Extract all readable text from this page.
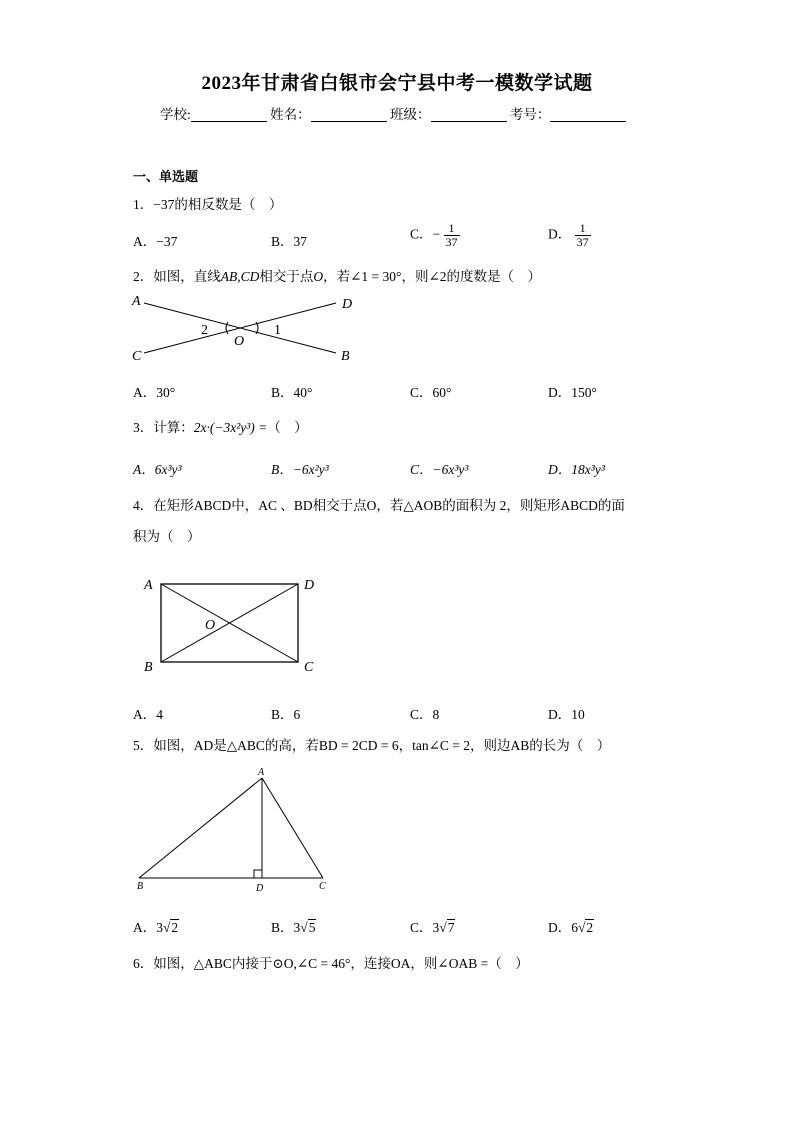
2023年甘肃省白银市会宁县中考一模数学试题
学校:	姓名：	班级：	考号：
一、单选题
1．−37的相反数是（　）
A．−37	B．37	C．− $\frac{1}{37}$	D． $\frac{1}{37}$
2．如图，直线AB,CD相交于点O，若∠1 = 30°，则∠2的度数是（　）
A	D
C	B
O
2	1
A．30°	B．40°	C．60°	D．150°
3．计算：2x·(−3x²y³) =（　）
A．6x³y³	B．−6x²y³	C．−6x³y³	D．18x³y³
4．在矩形ABCD中，AC 、BD相交于点O，若△AOB的面积为 2，则矩形ABCD的面
积为（　）
A	D
B	C
O
A．4	B．6	C．8	D．10
5．如图，AD是△ABC的高，若BD = 2CD = 6，tan∠C = 2，则边AB的长为（　）
A
B	D	C
A．3√2	B．3√5	C．3√7	D．6√2
6．如图，△ABC内接于⊙O,∠C = 46°，连接OA，则∠OAB =（　）
